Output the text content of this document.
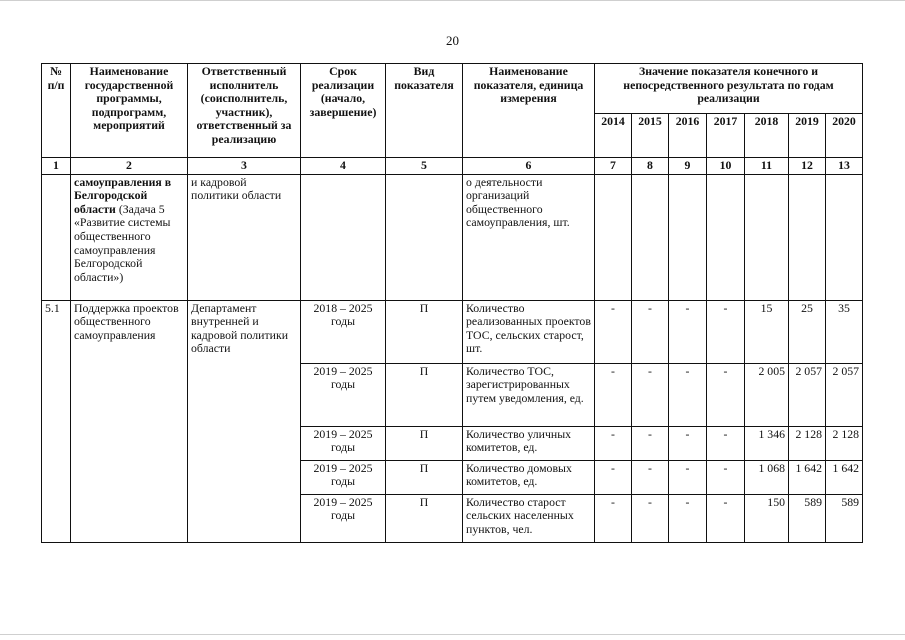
20
№ п/п	Наименование государственной программы, подпрограмм, мероприятий	Ответственный исполнитель (соисполнитель, участник), ответственный за реализацию	Срок реализации (начало, завершение)	Вид показателя	Наименование показателя, единица измерения	Значение показателя конечного и непосредственного результата по годам реализации						
						2014	2015	2016	2017	2018	2019	2020
1	2	3	4	5	6	7	8	9	10	11	12	13
	самоуправления в Белгородской области (Задача 5 «Развитие системы общественного самоуправления Белгородской области»)	и кадровой политики области			о деятельности организаций общественного самоуправления, шт.							
5.1	Поддержка проектов общественного самоуправления	Департамент внутренней и кадровой политики области	2018 – 2025 годы	П	Количество реализованных проектов ТОС, сельских старост, шт.	-	-	-	-	15	25	35
			2019 – 2025 годы	П	Количество ТОС, зарегистрированных путем уведомления, ед.	-	-	-	-	2 005	2 057	2 057
			2019 – 2025 годы	П	Количество уличных комитетов, ед.	-	-	-	-	1 346	2 128	2 128
			2019 – 2025 годы	П	Количество домовых комитетов, ед.	-	-	-	-	1 068	1 642	1 642
			2019 – 2025 годы	П	Количество старост сельских населенных пунктов, чел.	-	-	-	-	150	589	589
